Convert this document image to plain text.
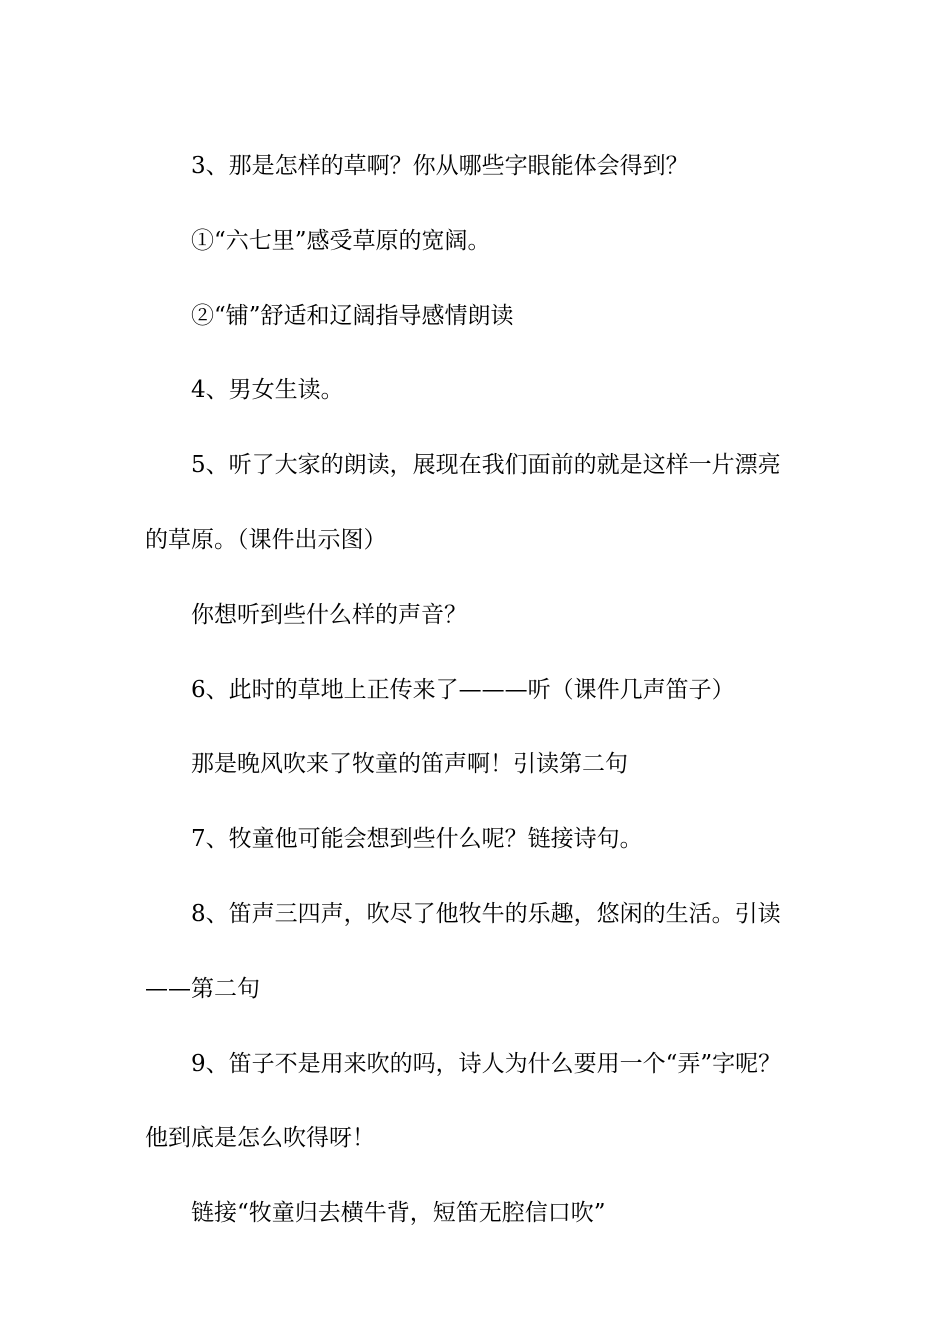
3、那是怎样的草啊？你从哪些字眼能体会得到？

①“六七里”感受草原的宽阔。

②“铺”舒适和辽阔指导感情朗读

4、男女生读。

5、听了大家的朗读，展现在我们面前的就是这样一片漂亮
的草原。（课件出示图）

你想听到些什么样的声音？

6、此时的草地上正传来了———听（课件几声笛子）

那是晚风吹来了牧童的笛声啊！引读第二句

7、牧童他可能会想到些什么呢？链接诗句。

8、笛声三四声，吹尽了他牧牛的乐趣，悠闲的生活。引读
——第二句

9、笛子不是用来吹的吗，诗人为什么要用一个“弄”字呢？
他到底是怎么吹得呀！

链接“牧童归去横牛背，短笛无腔信口吹”
